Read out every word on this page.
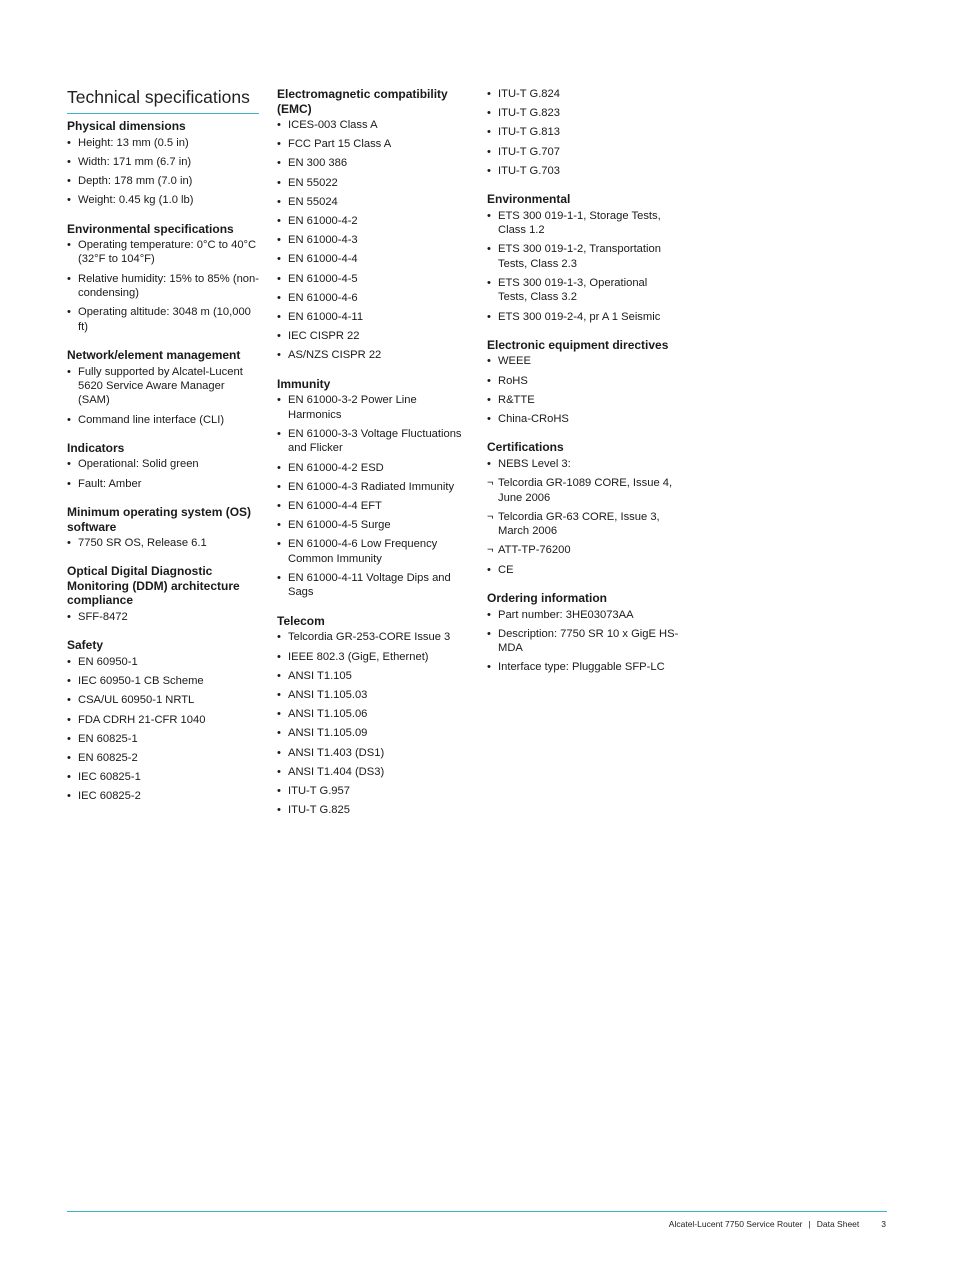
Technical specifications
Physical dimensions
• Height: 13 mm (0.5 in)
• Width: 171 mm (6.7 in)
• Depth: 178 mm (7.0 in)
• Weight: 0.45 kg (1.0 lb)
Environmental specifications
• Operating temperature: 0°C to 40°C (32°F to 104°F)
• Relative humidity: 15% to 85% (non-condensing)
• Operating altitude: 3048 m (10,000 ft)
Network/element management
• Fully supported by Alcatel-Lucent 5620 Service Aware Manager (SAM)
• Command line interface (CLI)
Indicators
• Operational: Solid green
• Fault: Amber
Minimum operating system (OS) software
• 7750 SR OS, Release 6.1
Optical Digital Diagnostic Monitoring (DDM) architecture compliance
• SFF-8472
Safety
• EN 60950-1
• IEC 60950-1 CB Scheme
• CSA/UL 60950-1 NRTL
• FDA CDRH 21-CFR 1040
• EN 60825-1
• EN 60825-2
• IEC 60825-1
• IEC 60825-2
Electromagnetic compatibility (EMC)
• ICES-003 Class A
• FCC Part 15 Class A
• EN 300 386
• EN 55022
• EN 55024
• EN 61000-4-2
• EN 61000-4-3
• EN 61000-4-4
• EN 61000-4-5
• EN 61000-4-6
• EN 61000-4-11
• IEC CISPR 22
• AS/NZS CISPR 22
Immunity
• EN 61000-3-2 Power Line Harmonics
• EN 61000-3-3 Voltage Fluctuations and Flicker
• EN 61000-4-2 ESD
• EN 61000-4-3 Radiated Immunity
• EN 61000-4-4 EFT
• EN 61000-4-5 Surge
• EN 61000-4-6 Low Frequency Common Immunity
• EN 61000-4-11 Voltage Dips and Sags
Telecom
• Telcordia GR-253-CORE Issue 3
• IEEE 802.3 (GigE, Ethernet)
• ANSI T1.105
• ANSI T1.105.03
• ANSI T1.105.06
• ANSI T1.105.09
• ANSI T1.403 (DS1)
• ANSI T1.404 (DS3)
• ITU-T G.957
• ITU-T G.825
• ITU-T G.824
• ITU-T G.823
• ITU-T G.813
• ITU-T G.707
• ITU-T G.703
Environmental
• ETS 300 019-1-1, Storage Tests, Class 1.2
• ETS 300 019-1-2, Transportation Tests, Class 2.3
• ETS 300 019-1-3, Operational Tests, Class 3.2
• ETS 300 019-2-4, pr A 1 Seismic
Electronic equipment directives
• WEEE
• RoHS
• R&TTE
• China-CRoHS
Certifications
• NEBS Level 3:
¬ Telcordia GR-1089 CORE, Issue 4, June 2006
¬ Telcordia GR-63 CORE, Issue 3, March 2006
¬ ATT-TP-76200
• CE
Ordering information
• Part number: 3HE03073AA
• Description: 7750 SR 10 x GigE HS-MDA
• Interface type: Pluggable SFP-LC
Alcatel-Lucent 7750 Service Router | Data Sheet	3
